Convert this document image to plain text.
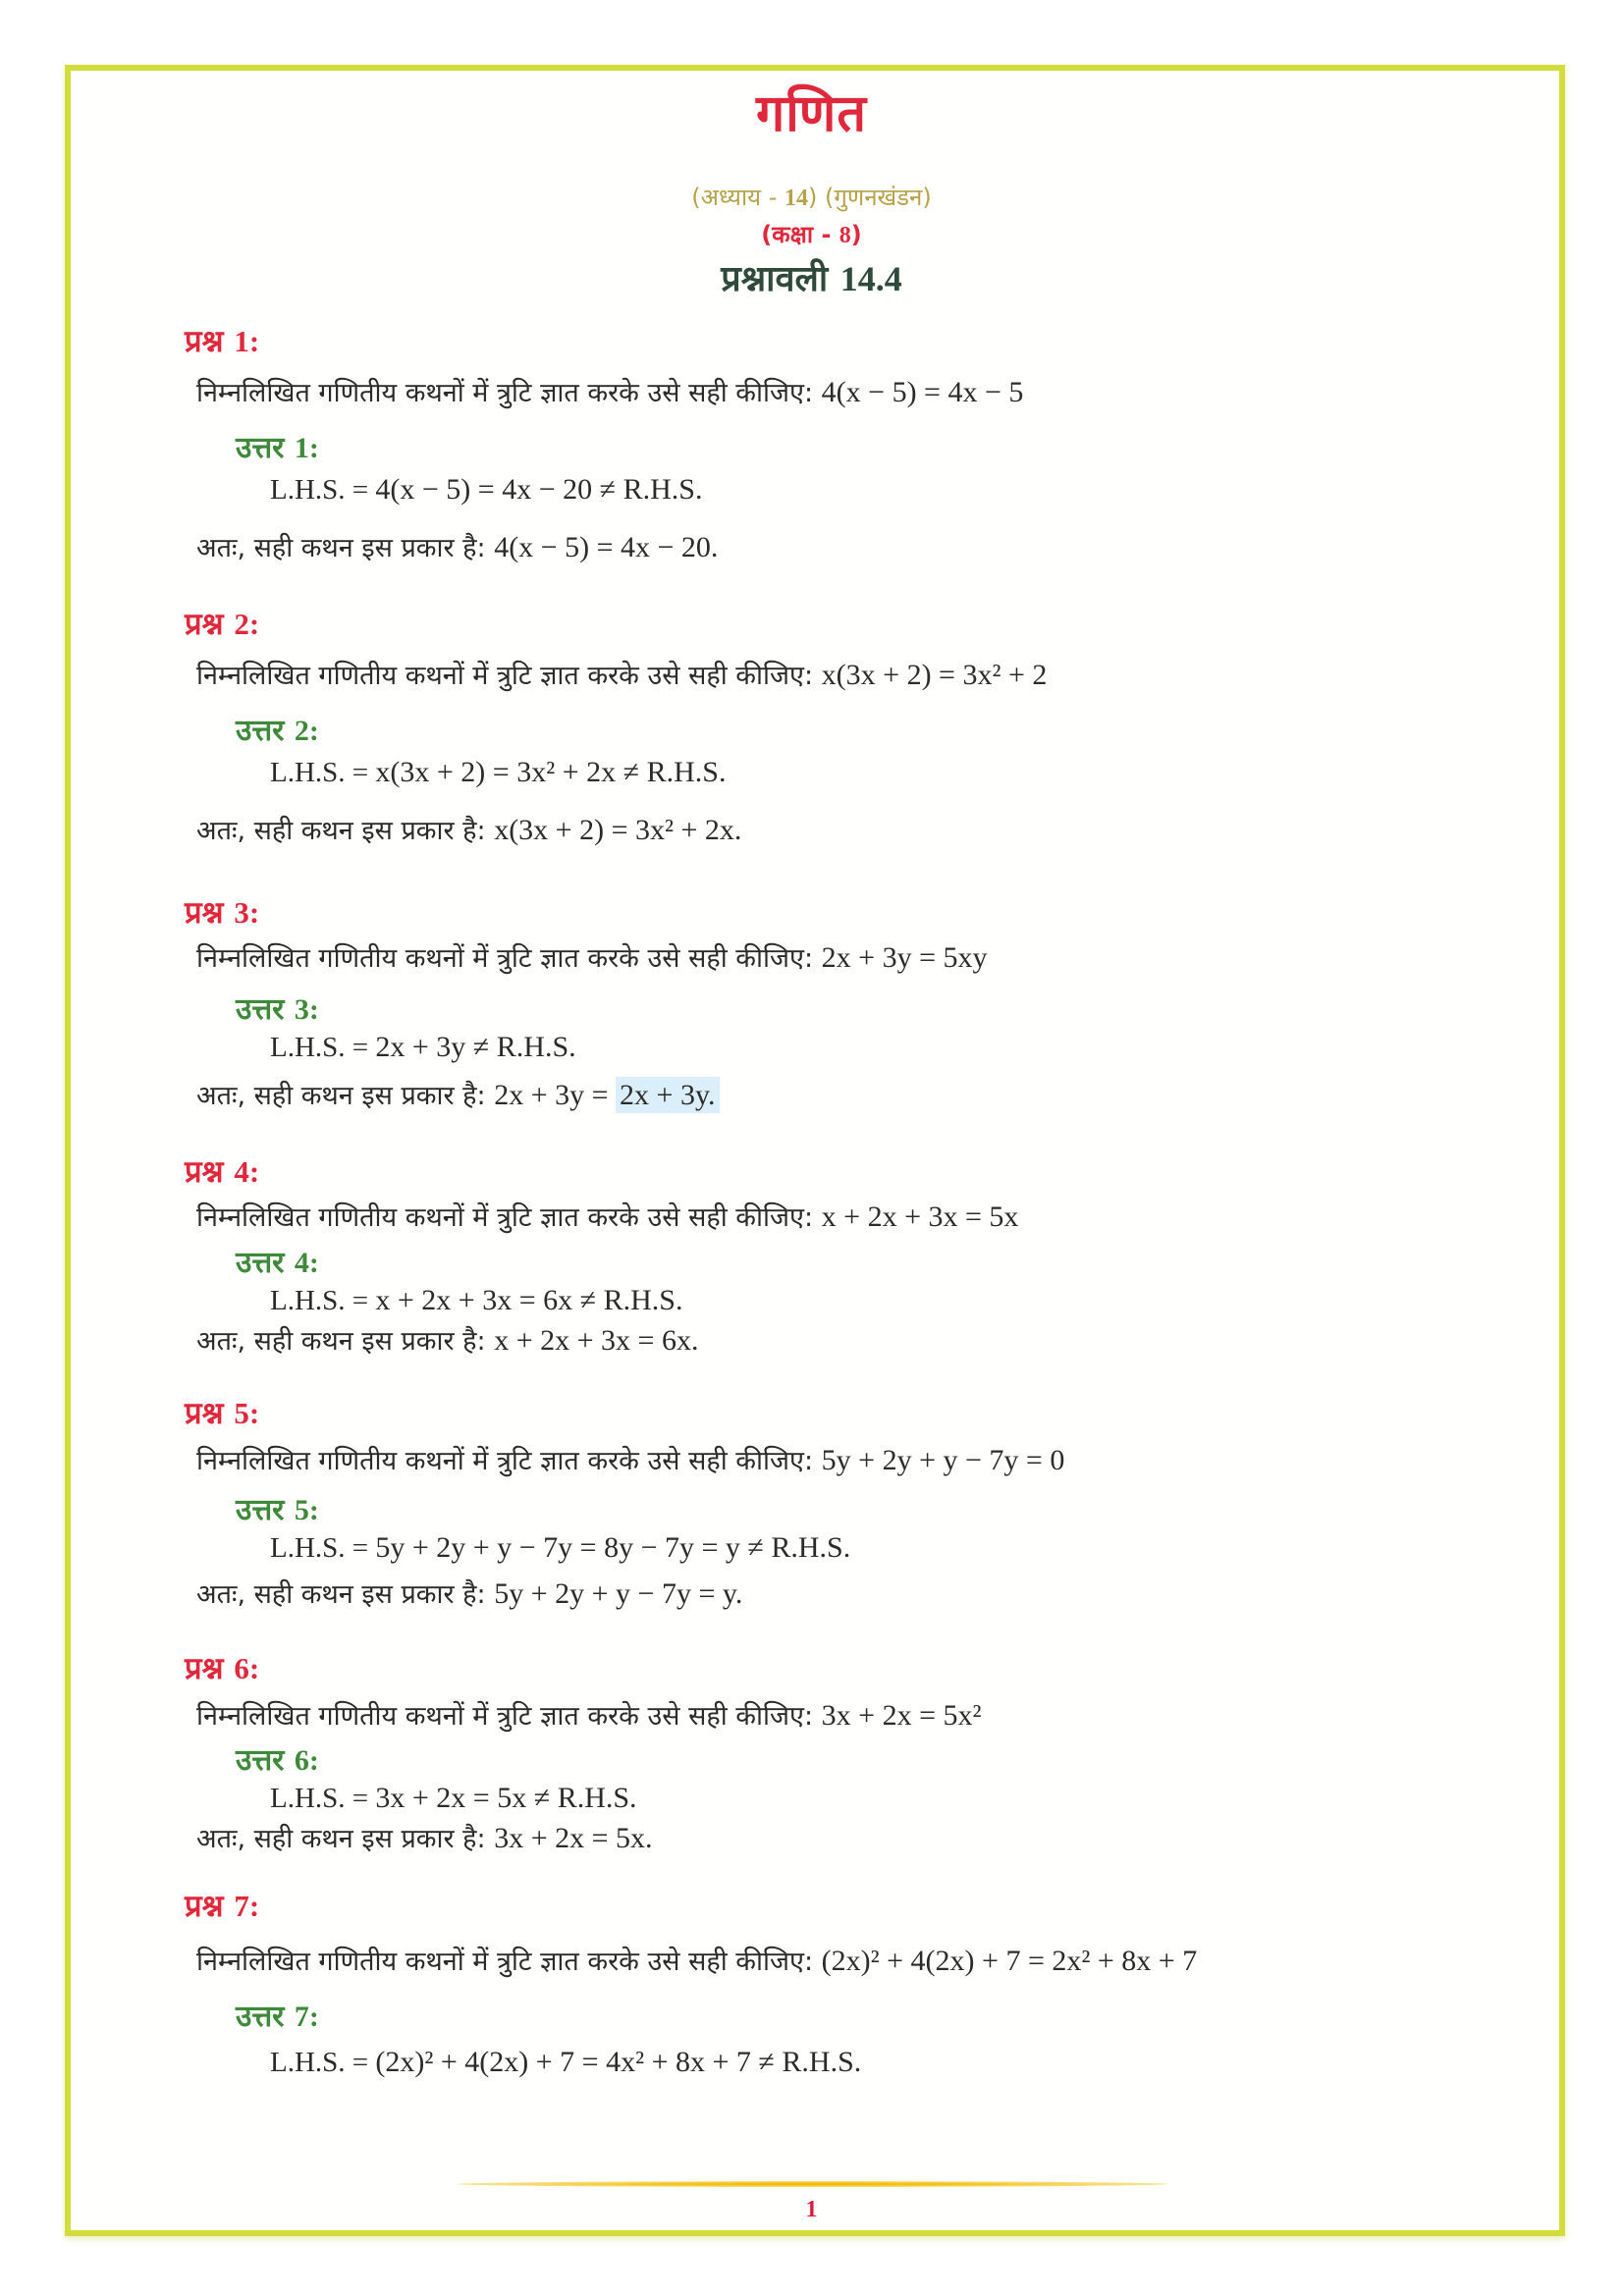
गणित
(अध्याय - 14) (गुणनखंडन)
(कक्षा - 8)
प्रश्नावली 14.4
प्रश्न 1:
निम्नलिखित गणितीय कथनों में त्रुटि ज्ञात करके उसे सही कीजिए: 4(x − 5) = 4x − 5
उत्तर 1:
L.H.S. = 4(x − 5) = 4x − 20 ≠ R.H.S.
अतः, सही कथन इस प्रकार है: 4(x − 5) = 4x − 20.
प्रश्न 2:
निम्नलिखित गणितीय कथनों में त्रुटि ज्ञात करके उसे सही कीजिए: x(3x + 2) = 3x² + 2
उत्तर 2:
L.H.S. = x(3x + 2) = 3x² + 2x ≠ R.H.S.
अतः, सही कथन इस प्रकार है: x(3x + 2) = 3x² + 2x.
प्रश्न 3:
निम्नलिखित गणितीय कथनों में त्रुटि ज्ञात करके उसे सही कीजिए: 2x + 3y = 5xy
उत्तर 3:
L.H.S. = 2x + 3y ≠ R.H.S.
अतः, सही कथन इस प्रकार है: 2x + 3y = 2x + 3y.
प्रश्न 4:
निम्नलिखित गणितीय कथनों में त्रुटि ज्ञात करके उसे सही कीजिए: x + 2x + 3x = 5x
उत्तर 4:
L.H.S. = x + 2x + 3x = 6x ≠ R.H.S.
अतः, सही कथन इस प्रकार है: x + 2x + 3x = 6x.
प्रश्न 5:
निम्नलिखित गणितीय कथनों में त्रुटि ज्ञात करके उसे सही कीजिए: 5y + 2y + y − 7y = 0
उत्तर 5:
L.H.S. = 5y + 2y + y − 7y = 8y − 7y = y ≠ R.H.S.
अतः, सही कथन इस प्रकार है: 5y + 2y + y − 7y = y.
प्रश्न 6:
निम्नलिखित गणितीय कथनों में त्रुटि ज्ञात करके उसे सही कीजिए: 3x + 2x = 5x²
उत्तर 6:
L.H.S. = 3x + 2x = 5x ≠ R.H.S.
अतः, सही कथन इस प्रकार है: 3x + 2x = 5x.
प्रश्न 7:
निम्नलिखित गणितीय कथनों में त्रुटि ज्ञात करके उसे सही कीजिए: (2x)² + 4(2x) + 7 = 2x² + 8x + 7
उत्तर 7:
L.H.S. = (2x)² + 4(2x) + 7 = 4x² + 8x + 7 ≠ R.H.S.
1
